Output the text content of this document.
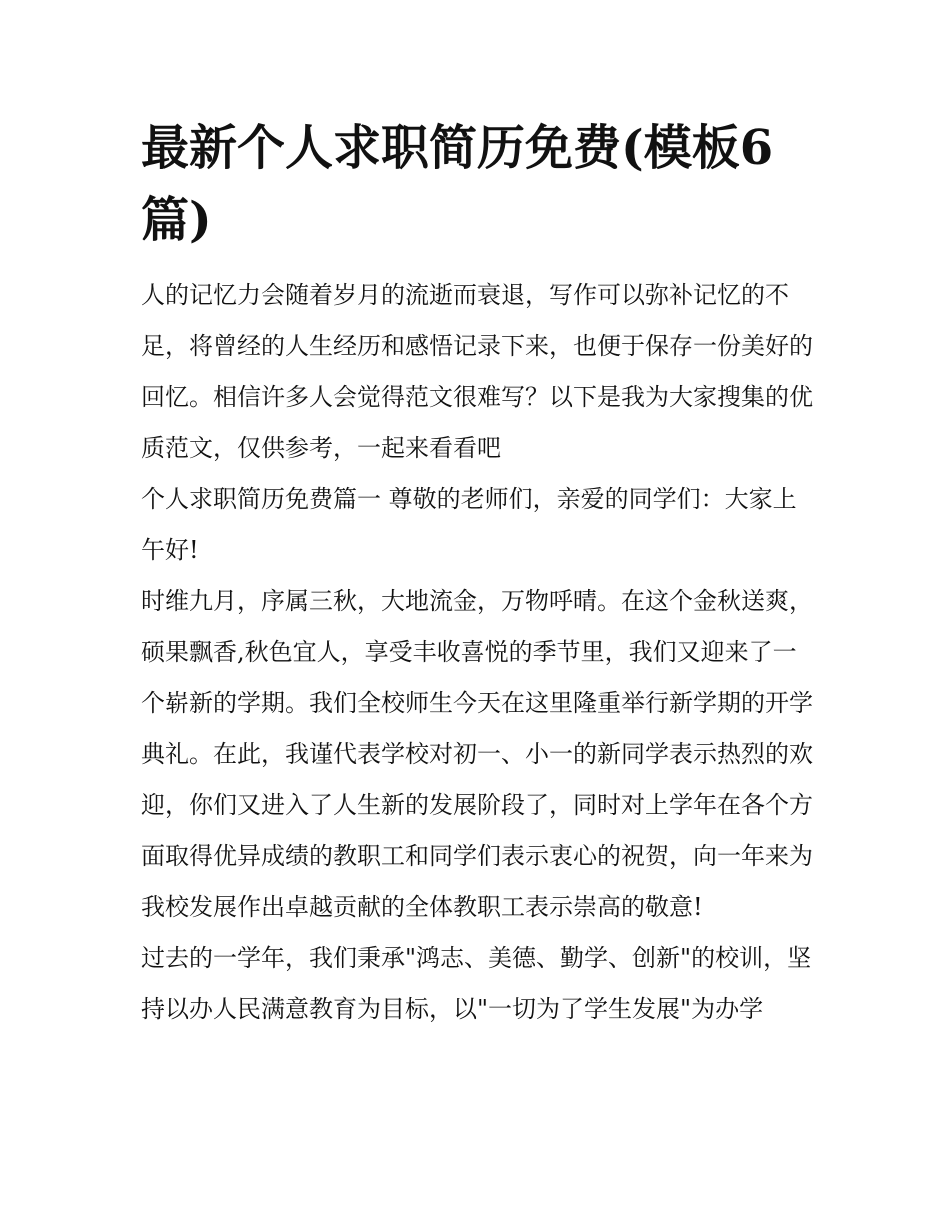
最新个人求职简历免费(模板6篇)

人的记忆力会随着岁月的流逝而衰退，写作可以弥补记忆的不足，将曾经的人生经历和感悟记录下来，也便于保存一份美好的回忆。相信许多人会觉得范文很难写？以下是我为大家搜集的优质范文，仅供参考，一起来看看吧

个人求职简历免费篇一 尊敬的老师们，亲爱的同学们：大家上午好!

时维九月，序属三秋，大地流金，万物呼晴。在这个金秋送爽，硕果飘香,秋色宜人，享受丰收喜悦的季节里，我们又迎来了一个崭新的学期。我们全校师生今天在这里隆重举行新学期的开学典礼。在此，我谨代表学校对初一、小一的新同学表示热烈的欢迎，你们又进入了人生新的发展阶段了，同时对上学年在各个方面取得优异成绩的教职工和同学们表示衷心的祝贺，向一年来为我校发展作出卓越贡献的全体教职工表示崇高的敬意!

过去的一学年，我们秉承"鸿志、美德、勤学、创新"的校训，坚持以办人民满意教育为目标，以"一切为了学生发展"为办学
